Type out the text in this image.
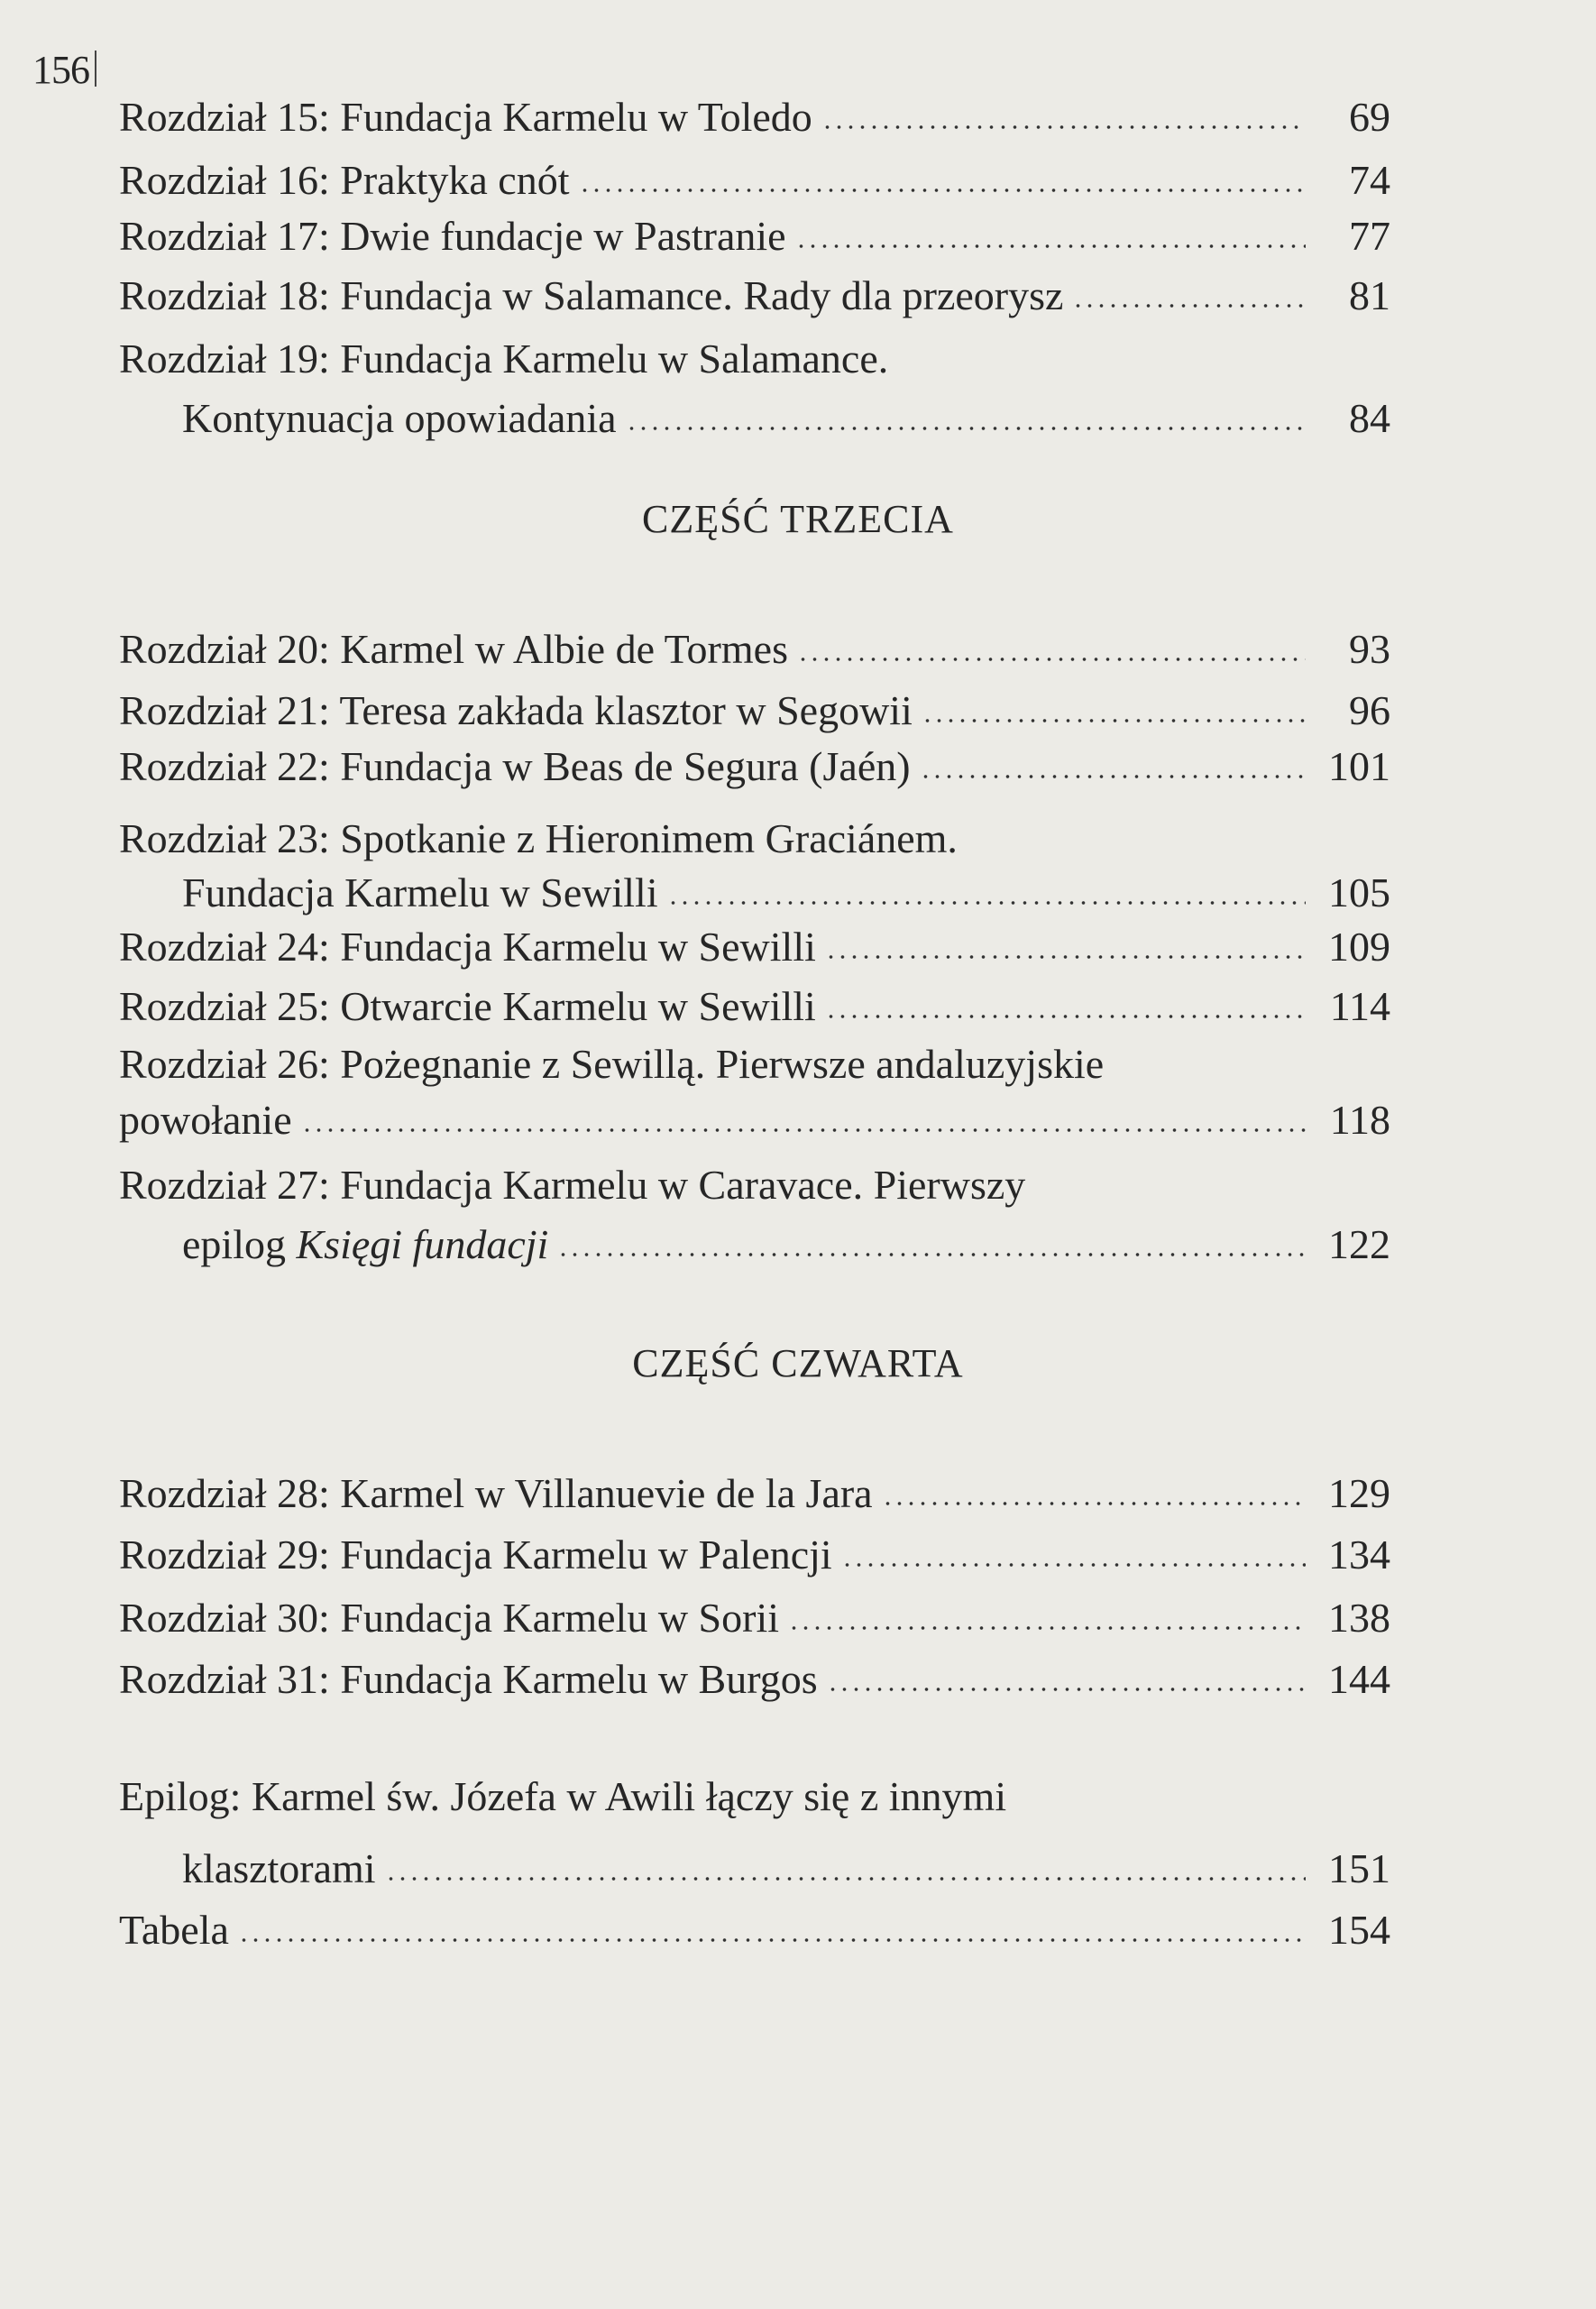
156
Rozdział 15: Fundacja Karmelu w Toledo	69
Rozdział 16: Praktyka cnót	74
Rozdział 17: Dwie fundacje w Pastranie	77
Rozdział 18: Fundacja w Salamance. Rady dla przeorysz	81
Rozdział 19: Fundacja Karmelu w Salamance.
Kontynuacja opowiadania	84
CZĘŚĆ TRZECIA
Rozdział 20: Karmel w Albie de Tormes	93
Rozdział 21: Teresa zakłada klasztor w Segowii	96
Rozdział 22: Fundacja w Beas de Segura (Jaén)	101
Rozdział 23: Spotkanie z Hieronimem Graciánem.
Fundacja Karmelu w Sewilli	105
Rozdział 24: Fundacja Karmelu w Sewilli	109
Rozdział 25: Otwarcie Karmelu w Sewilli	114
Rozdział 26: Pożegnanie z Sewillą. Pierwsze andaluzyjskie
powołanie	118
Rozdział 27: Fundacja Karmelu w Caravace. Pierwszy
epilog Księgi fundacji	122
CZĘŚĆ CZWARTA
Rozdział 28: Karmel w Villanuevie de la Jara	129
Rozdział 29: Fundacja Karmelu w Palencji	134
Rozdział 30: Fundacja Karmelu w Sorii	138
Rozdział 31: Fundacja Karmelu w Burgos	144
Epilog: Karmel św. Józefa w Awili łączy się z innymi
klasztorami	151
Tabela	154
